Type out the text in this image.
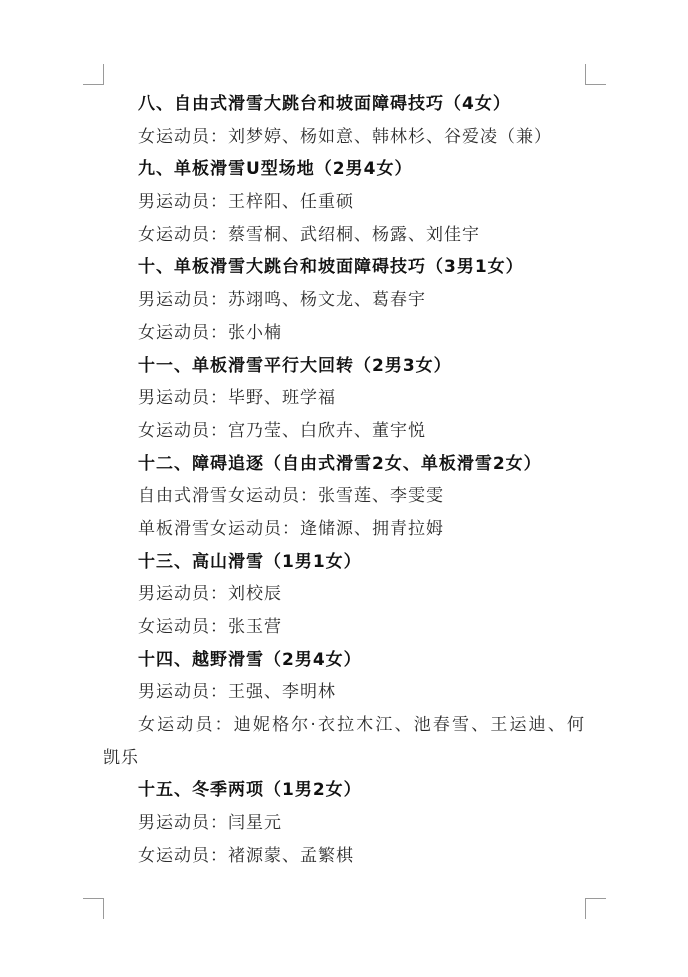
八、自由式滑雪大跳台和坡面障碍技巧（4女）
女运动员：刘梦婷、杨如意、韩林杉、谷爱凌（兼）
九、单板滑雪U型场地（2男4女）
男运动员：王梓阳、任重硕
女运动员：蔡雪桐、武绍桐、杨露、刘佳宇
十、单板滑雪大跳台和坡面障碍技巧（3男1女）
男运动员：苏翊鸣、杨文龙、葛春宇
女运动员：张小楠
十一、单板滑雪平行大回转（2男3女）
男运动员：毕野、班学福
女运动员：宫乃莹、白欣卉、董宇悦
十二、障碍追逐（自由式滑雪2女、单板滑雪2女）
自由式滑雪女运动员：张雪莲、李雯雯
单板滑雪女运动员：逄储源、拥青拉姆
十三、高山滑雪（1男1女）
男运动员：刘校辰
女运动员：张玉营
十四、越野滑雪（2男4女）
男运动员：王强、李明林
女运动员：迪妮格尔·衣拉木江、池春雪、王运迪、何
凯乐
十五、冬季两项（1男2女）
男运动员：闫星元
女运动员：褚源蒙、孟繁棋
